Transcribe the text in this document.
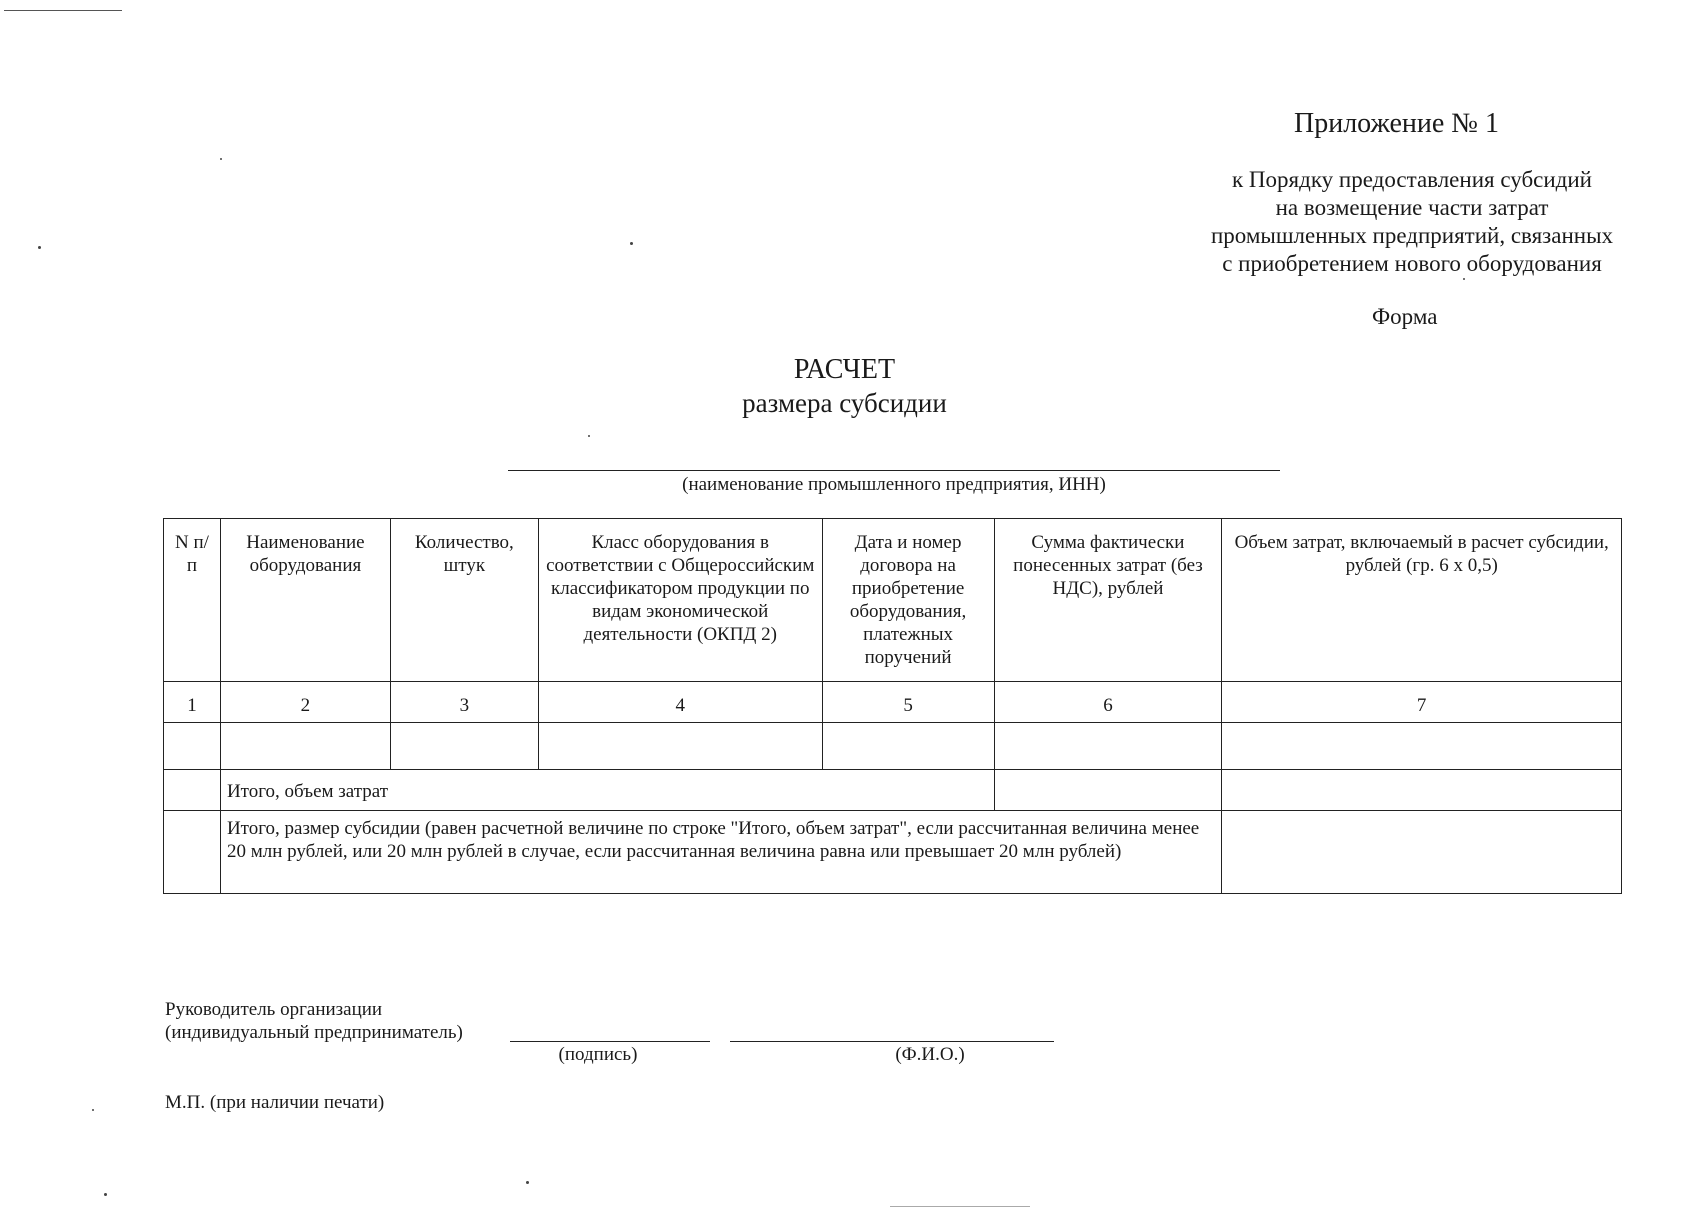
Приложение № 1
к Порядку предоставления субсидий
на возмещение части затрат
промышленных предприятий, связанных
с приобретением нового оборудования
Форма
РАСЧЕТ
размера субсидии
(наименование промышленного предприятия, ИНН)
N п/п	Наименование оборудования	Количество, штук	Класс оборудования в соответствии с Общероссийским классификатором продукции по видам экономической деятельности (ОКПД 2)	Дата и номер договора на приобретение оборудования, платежных поручений	Сумма фактически понесенных затрат (без НДС), рублей	Объем затрат, включаемый в расчет субсидии, рублей (гр. 6 х 0,5)
1	2	3	4	5	6	7

	Итого, объем затрат					
	Итого, размер субсидии (равен расчетной величине по строке "Итого, объем затрат", если рассчитанная величина менее 20 млн рублей, или 20 млн рублей в случае, если рассчитанная величина равна или превышает 20 млн рублей)					
Руководитель организации
(индивидуальный предприниматель)
(подпись)	(Ф.И.О.)
М.П. (при наличии печати)
